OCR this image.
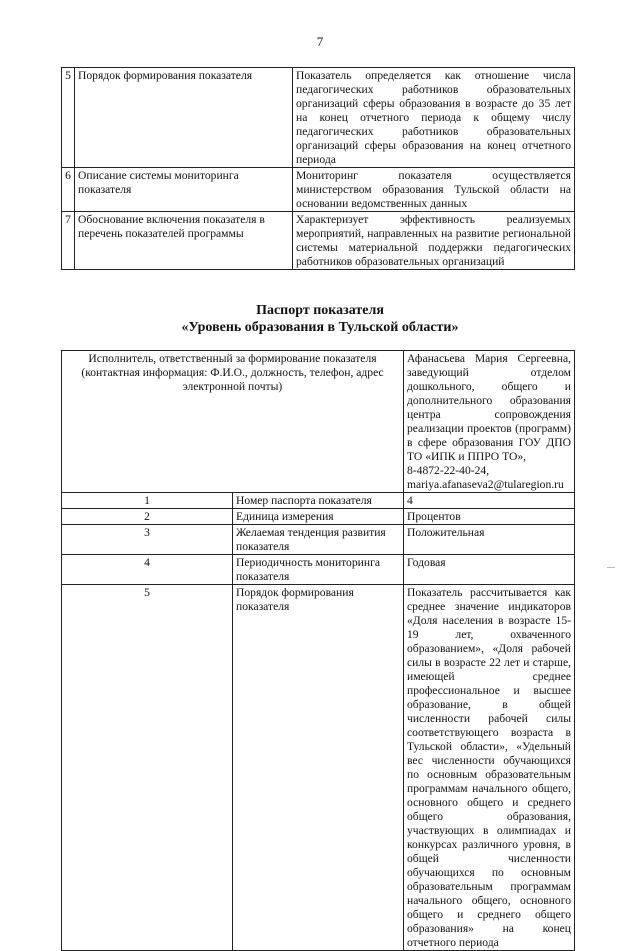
7
5	Порядок формирования показателя	Показатель определяется как отношение числа педагогических работников образовательных организаций сферы образования в возрасте до 35 лет на конец отчетного периода к общему числу педагогических работников образовательных организаций сферы образования на конец отчетного периода
6	Описание системы мониторинга показателя	Мониторинг показателя осуществляется министерством образования Тульской области на основании ведомственных данных
7	Обоснование включения показателя в перечень показателей программы	Характеризует эффективность реализуемых мероприятий, направленных на развитие региональной системы материальной поддержки педагогических работников образовательных организаций
Паспорт показателя
«Уровень образования в Тульской области»
Исполнитель, ответственный за формирование показателя (контактная информация: Ф.И.О., должность, телефон, адрес электронной почты)		Афанасьева Мария Сергеевна, заведующий отделом дошкольного, общего и дополнительного образования центра сопровождения реализации проектов (программ) в сфере образования ГОУ ДПО ТО «ИПК и ППРО ТО»,
8-4872-22-40-24,
mariya.afanaseva2@tularegion.ru

1	Номер паспорта показателя	4
2	Единица измерения	Процентов
3	Желаемая тенденция развития показателя	Положительная
4	Периодичность мониторинга показателя	Годовая
5	Порядок формирования показателя	Показатель рассчитывается как среднее значение индикаторов «Доля населения в возрасте 15-19 лет, охваченного образованием», «Доля рабочей силы в возрасте 22 лет и старше, имеющей среднее профессиональное и высшее образование, в общей численности рабочей силы соответствующего возраста в Тульской области», «Удельный вес численности обучающихся по основным образовательным программам начального общего, основного общего и среднего общего образования, участвующих в олимпиадах и конкурсах различного уровня, в общей численности обучающихся по основным образовательным программам начального общего, основного общего и среднего общего образования» на конец отчетного периода
